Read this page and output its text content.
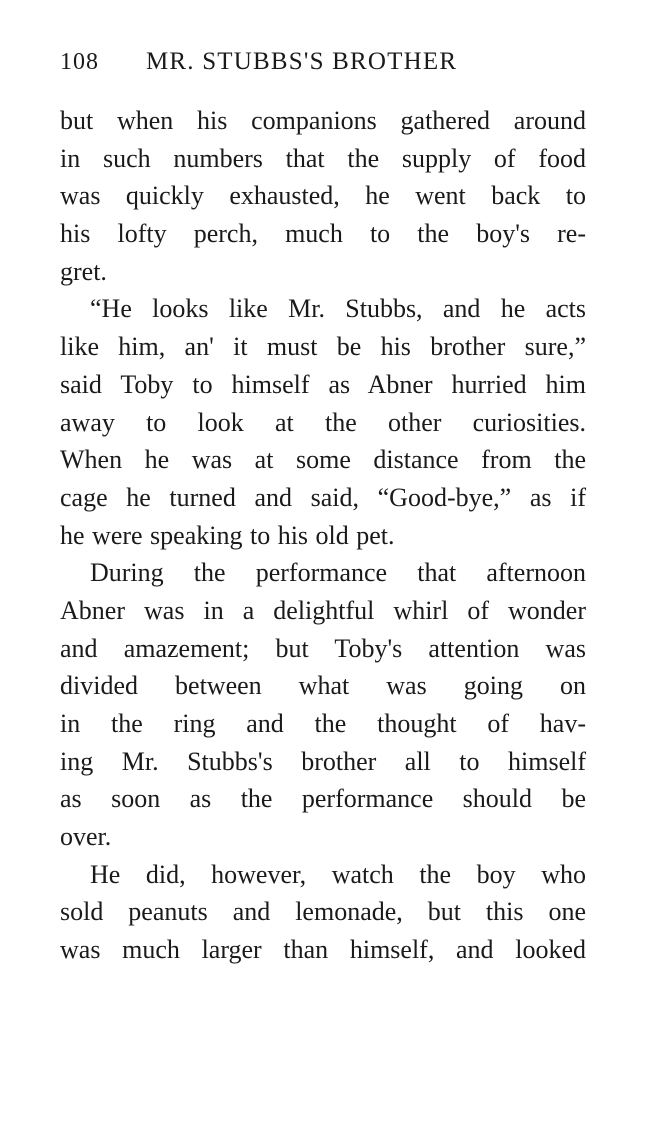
108	MR. STUBBS'S BROTHER
but when his companions gathered around
in such numbers that the supply of food
was quickly exhausted, he went back to
his lofty perch, much to the boy's re-
gret.
“He looks like Mr. Stubbs, and he acts
like him, an' it must be his brother sure,”
said Toby to himself as Abner hurried him
away to look at the other curiosities.
When he was at some distance from the
cage he turned and said, “Good-bye,” as if
he were speaking to his old pet.
During the performance that afternoon
Abner was in a delightful whirl of wonder
and amazement; but Toby's attention was
divided between what was going on
in the ring and the thought of hav-
ing Mr. Stubbs's brother all to himself
as soon as the performance should be
over.
He did, however, watch the boy who
sold peanuts and lemonade, but this one
was much larger than himself, and looked
